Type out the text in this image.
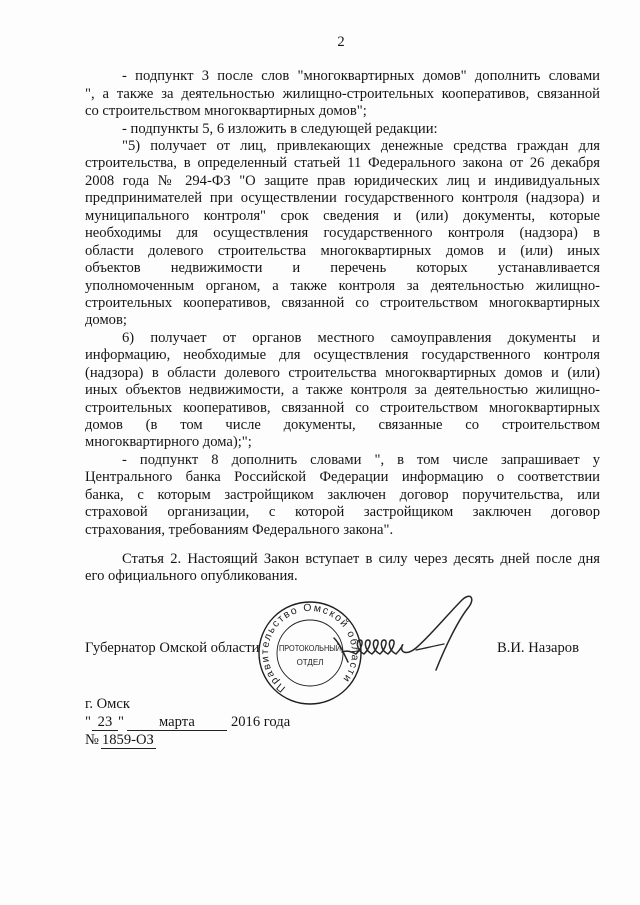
2
- подпункт 3 после слов "многоквартирных домов" дополнить словами
", а также за деятельностью жилищно-строительных кооперативов, связанной
со строительством многоквартирных домов";
- подпункты 5, 6 изложить в следующей редакции:
"5) получает от лиц, привлекающих денежные средства граждан для
строительства, в определенный статьей 11 Федерального закона от 26 декабря
2008 года № 294-ФЗ "О защите прав юридических лиц и индивидуальных
предпринимателей при осуществлении государственного контроля (надзора) и
муниципального контроля" срок сведения и (или) документы, которые
необходимы для осуществления государственного контроля (надзора) в
области долевого строительства многоквартирных домов и (или) иных
объектов недвижимости и перечень которых устанавливается
уполномоченным органом, а также контроля за деятельностью жилищно-
строительных кооперативов, связанной со строительством многоквартирных
домов;
6) получает от органов местного самоуправления документы и
информацию, необходимые для осуществления государственного контроля
(надзора) в области долевого строительства многоквартирных домов и (или)
иных объектов недвижимости, а также контроля за деятельностью жилищно-
строительных кооперативов, связанной со строительством многоквартирных
домов (в том числе документы, связанные со строительством
многоквартирного дома);";
- подпункт 8 дополнить словами ", в том числе запрашивает у
Центрального банка Российской Федерации информацию о соответствии
банка, с которым застройщиком заключен договор поручительства, или
страховой организации, с которой застройщиком заключен договор
страхования, требованиям Федерального закона".
Статья 2. Настоящий Закон вступает в силу через десять дней после дня
его официального опубликования.
Губернатор Омской области	В.И. Назаров
Правительство Омской области
ПРОТОКОЛЬНЫЙ
ОТДЕЛ
г. Омск
" 23 " марта 2016 года
№ 1859-ОЗ
